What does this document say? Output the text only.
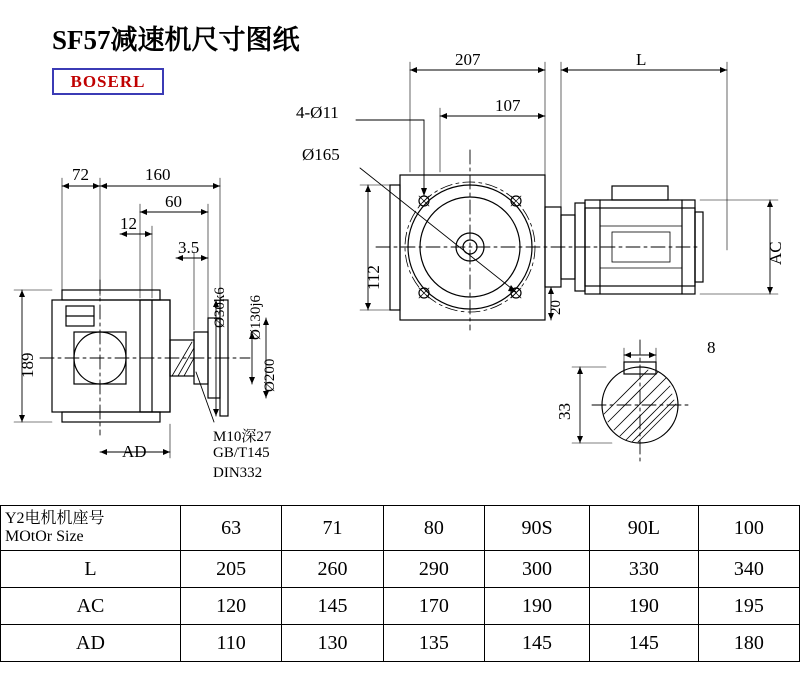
SF57减速机尺寸图纸
BOSERL
72	160
60
12
3.5
189
AD
Ø30k6 Ø130j6
Ø200
M10深27
GB/T145
DIN332
207	L
107
112
20
AC
4-Ø11
Ø165
8
33
Y2电机机座号
MOtOr Size	63	71	80	90S	90L	100
L	205	260	290	300	330	340
AC	120	145	170	190	190	195
AD	110	130	135	145	145	180
